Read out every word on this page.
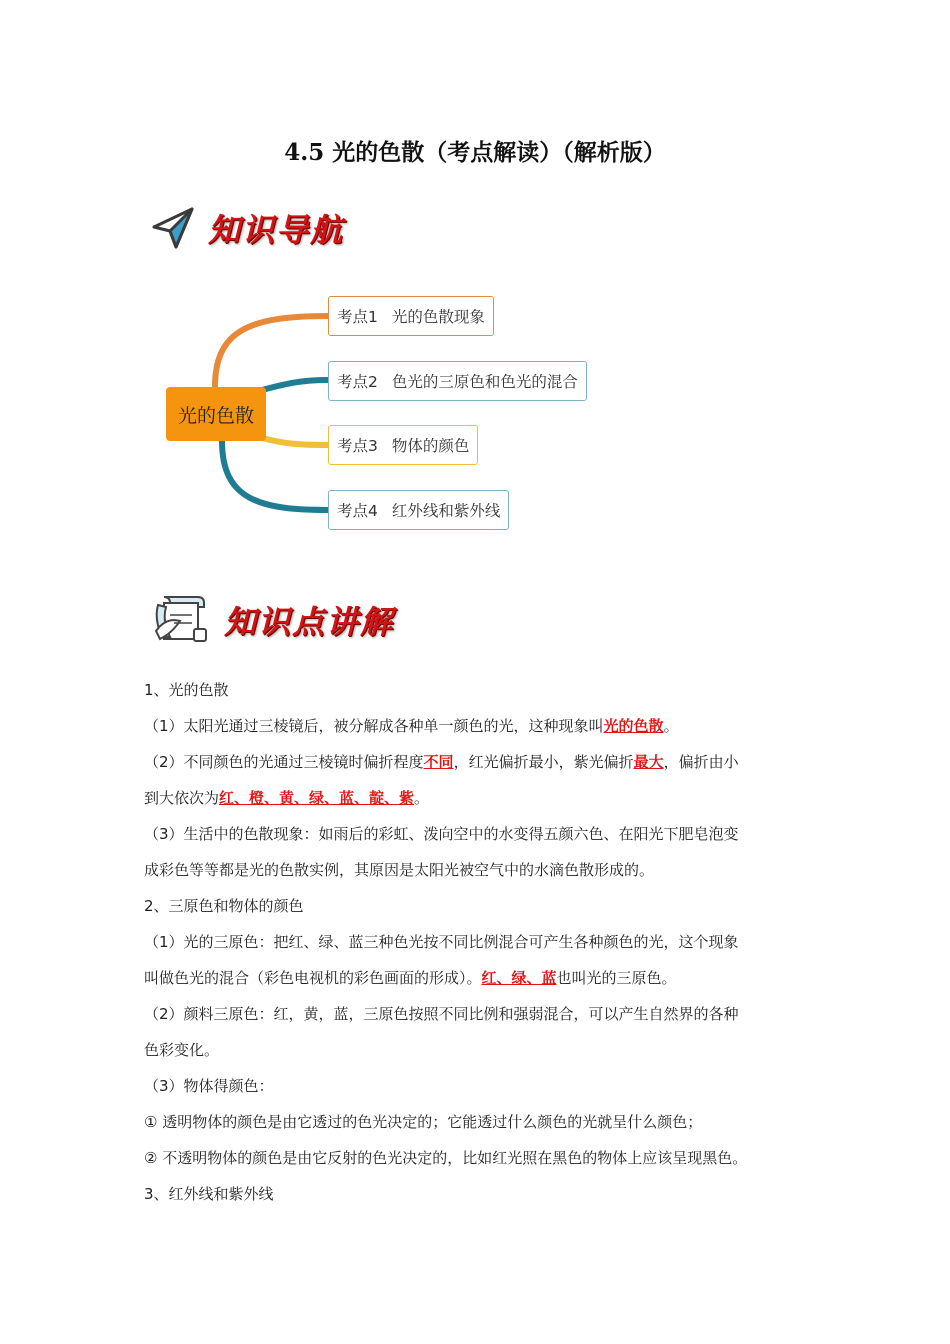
4.5 光的色散（考点解读）（解析版）
知识导航
光的色散
考点1 光的色散现象
考点2 色光的三原色和色光的混合
考点3 物体的颜色
考点4 红外线和紫外线
知识点讲解

1、光的色散

（1）太阳光通过三棱镜后，被分解成各种单一颜色的光，这种现象叫光的色散。

（2）不同颜色的光通过三棱镜时偏折程度不同，红光偏折最小，紫光偏折最大，偏折由小

到大依次为红、橙、黄、绿、蓝、靛、紫。

（3）生活中的色散现象：如雨后的彩虹、泼向空中的水变得五颜六色、在阳光下肥皂泡变

成彩色等等都是光的色散实例，其原因是太阳光被空气中的水滴色散形成的。

2、三原色和物体的颜色

（1）光的三原色：把红、绿、蓝三种色光按不同比例混合可产生各种颜色的光，这个现象

叫做色光的混合（彩色电视机的彩色画面的形成）。红、绿、蓝也叫光的三原色。

（2）颜料三原色：红，黄，蓝，三原色按照不同比例和强弱混合，可以产生自然界的各种

色彩变化。

（3）物体得颜色：

① 透明物体的颜色是由它透过的色光决定的；它能透过什么颜色的光就呈什么颜色；

② 不透明物体的颜色是由它反射的色光决定的，比如红光照在黑色的物体上应该呈现黑色。

3、红外线和紫外线
